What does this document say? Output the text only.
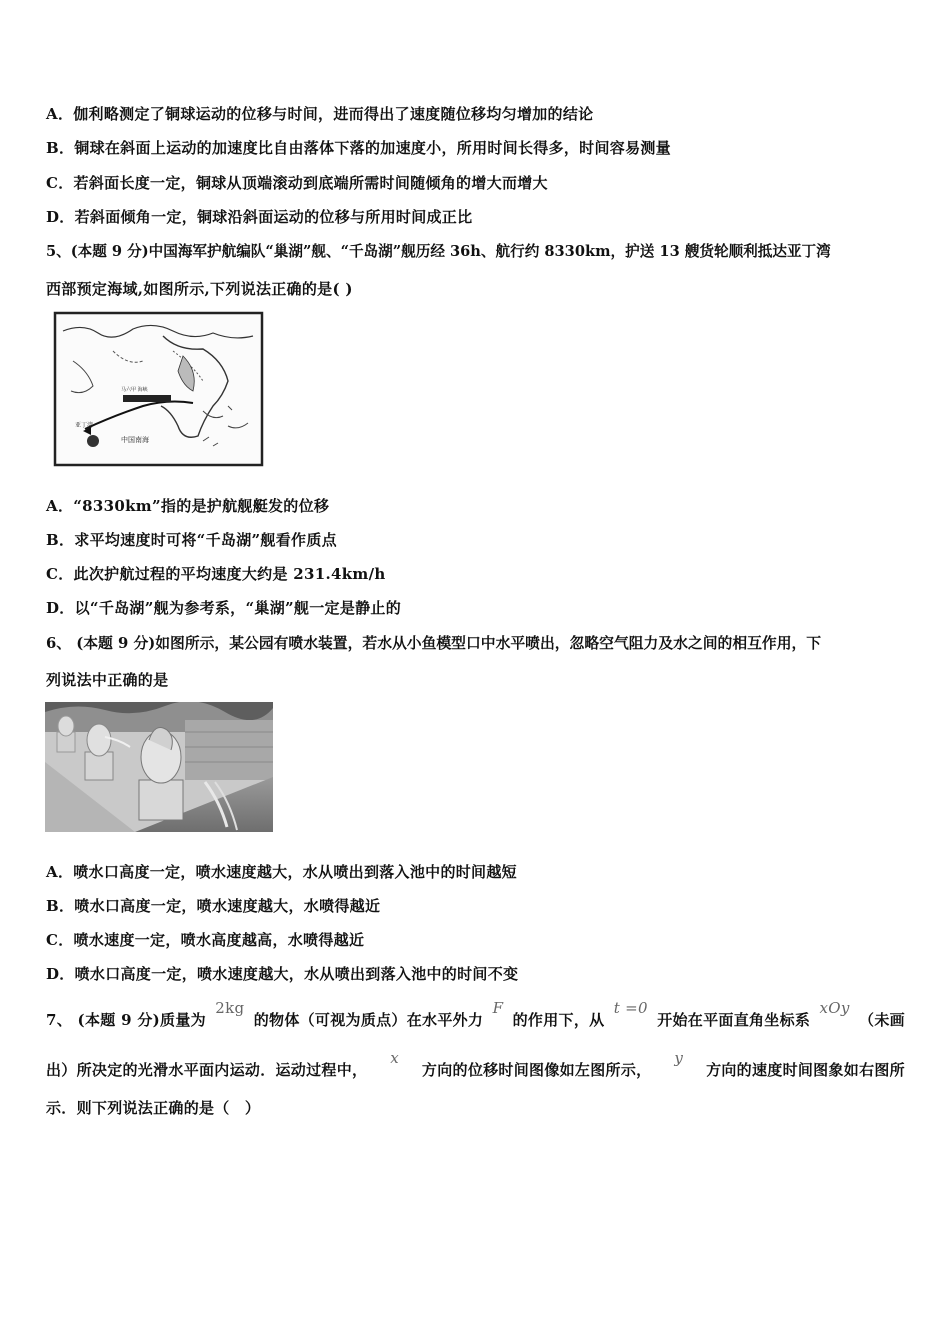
A．伽利略测定了铜球运动的位移与时间，进而得出了速度随位移均匀增加的结论
B．铜球在斜面上运动的加速度比自由落体下落的加速度小，所用时间长得多，时间容易测量
C．若斜面长度一定，铜球从顶端滚动到底端所需时间随倾角的增大而增大
D．若斜面倾角一定，铜球沿斜面运动的位移与所用时间成正比
5、(本题 9 分)中国海军护航编队“巢湖”舰、“千岛湖”舰历经 36h、航行约 8330km，护送 13 艘货轮顺利抵达亚丁湾
西部预定海域,如图所示,下列说法正确的是( )
中国南海
亚丁湾
马六甲 海峡
A．“8330km”指的是护航舰艇发的位移
B．求平均速度时可将“千岛湖”舰看作质点
C．此次护航过程的平均速度大约是 231.4km/h
D．以“千岛湖”舰为参考系，“巢湖”舰一定是静止的
6、 (本题 9 分)如图所示，某公园有喷水装置，若水从小鱼模型口中水平喷出，忽略空气阻力及水之间的相互作用，下
列说法中正确的是
A．喷水口高度一定，喷水速度越大，水从喷出到落入池中的时间越短
B．喷水口高度一定，喷水速度越大，水喷得越近
C．喷水速度一定，喷水高度越高，水喷得越近
D．喷水口高度一定，喷水速度越大，水从喷出到落入池中的时间不变
7、 (本题 9 分)质量为
2kg
的物体（可视为质点）在水平外力
F
的作用下，从
t =0
开始在平面直角坐标系
xOy
（未画
出）所决定的光滑水平面内运动．运动过程中，
x
方向的位移时间图像如左图所示，
y
方向的速度时间图象如右图所
示．则下列说法正确的是（　）
